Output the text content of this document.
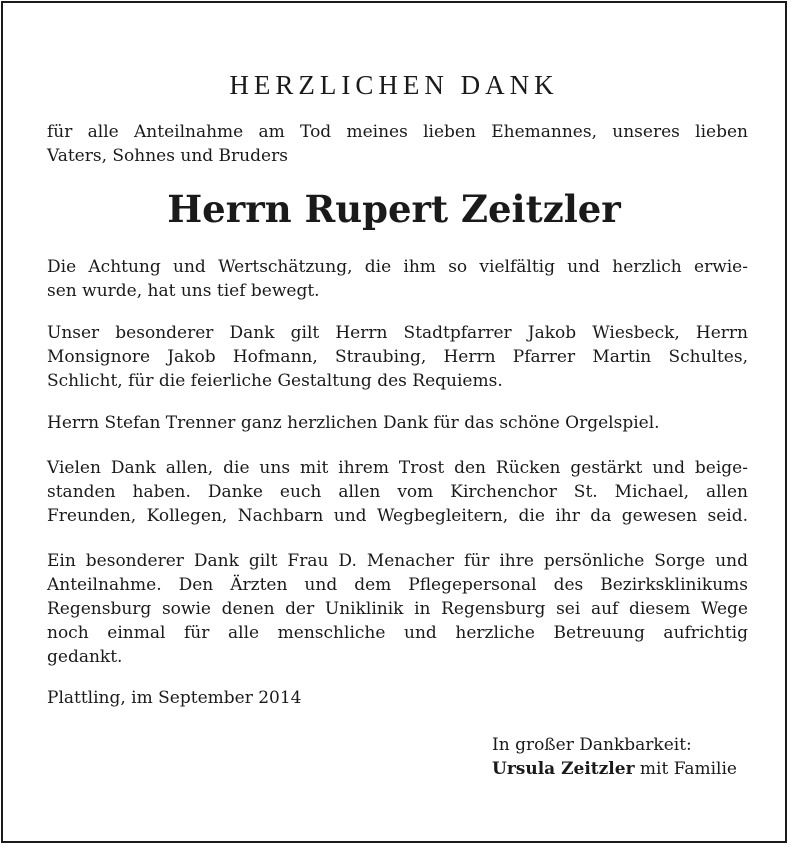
HERZLICHEN DANK
für alle Anteilnahme am Tod meines lieben Ehemannes, unseres lieben
Vaters, Sohnes und Bruders
Herrn Rupert Zeitzler
Die Achtung und Wertschätzung, die ihm so vielfältig und herzlich erwie-
sen wurde, hat uns tief bewegt.
Unser besonderer Dank gilt Herrn Stadtpfarrer Jakob Wiesbeck, Herrn
Monsignore Jakob Hofmann, Straubing, Herrn Pfarrer Martin Schultes,
Schlicht, für die feierliche Gestaltung des Requiems.
Herrn Stefan Trenner ganz herzlichen Dank für das schöne Orgelspiel.
Vielen Dank allen, die uns mit ihrem Trost den Rücken gestärkt und beige-
standen haben. Danke euch allen vom Kirchenchor St. Michael, allen
Freunden, Kollegen, Nachbarn und Wegbegleitern, die ihr da gewesen seid.
Ein besonderer Dank gilt Frau D. Menacher für ihre persönliche Sorge und
Anteilnahme. Den Ärzten und dem Pflegepersonal des Bezirksklinikums
Regensburg sowie denen der Uniklinik in Regensburg sei auf diesem Wege
noch einmal für alle menschliche und herzliche Betreuung aufrichtig
gedankt.
Plattling, im September 2014
In großer Dankbarkeit:
Ursula Zeitzler mit Familie
